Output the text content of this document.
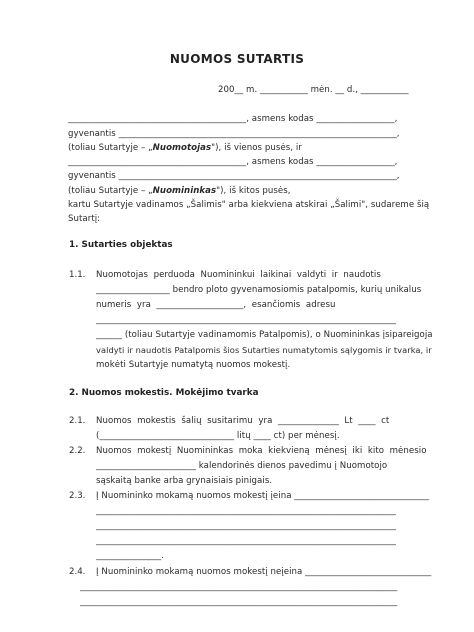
NUOMOS SUTARTIS
200__ m. ___________ mėn. __ d., ___________
_________________________________________, asmens kodas __________________,
gyvenantis ________________________________________________________________,
(toliau Sutartyje – „Nuomotojas"), iš vienos pusės, ir
_________________________________________, asmens kodas __________________,
gyvenantis ________________________________________________________________,
(toliau Sutartyje – „Nuomininkas"), iš kitos pusės,
kartu Sutartyje vadinamos „Šalimis" arba kiekviena atskirai „Šalimi", sudareme šią
Sutartį:
1. Sutarties objektas
1.1. Nuomotojas  perduoda  Nuomininkui  laikinai  valdyti  ir  naudotis
_________________ bendro ploto gyvenamosiomis patalpomis, kurių unikalus
numeris  yra  ____________________,  esančiomis  adresu
_____________________________________________________________________
______ (toliau Sutartyje vadinamomis Patalpomis), o Nuomininkas įsipareigoja
valdyti ir naudotis Patalpomis šios Sutarties numatytomis sąlygomis ir tvarka, ir
mokėti Sutartyje numatytą nuomos mokestį.
2. Nuomos mokestis. Mokėjimo tvarka
2.1. Nuomos  mokestis  šalių  susitarimu  yra  ______________  Lt  ____  ct
(_______________________________ litų ____ ct) per mėnesį.
2.2. Nuomos  mokestį  Nuomininkas  moka  kiekvieną  mėnesį  iki  kito  mėnesio
_______________________ kalendorinės dienos pavedimu į Nuomotojo
sąskaitą banke arba grynaisiais pinigais.
2.3. Į Nuomininko mokamą nuomos mokestį įeina _______________________________
_____________________________________________________________________
_____________________________________________________________________
_____________________________________________________________________
_______________.
2.4. Į Nuomininko mokamą nuomos mokestį neįeina _____________________________
_________________________________________________________________________
_________________________________________________________________________
